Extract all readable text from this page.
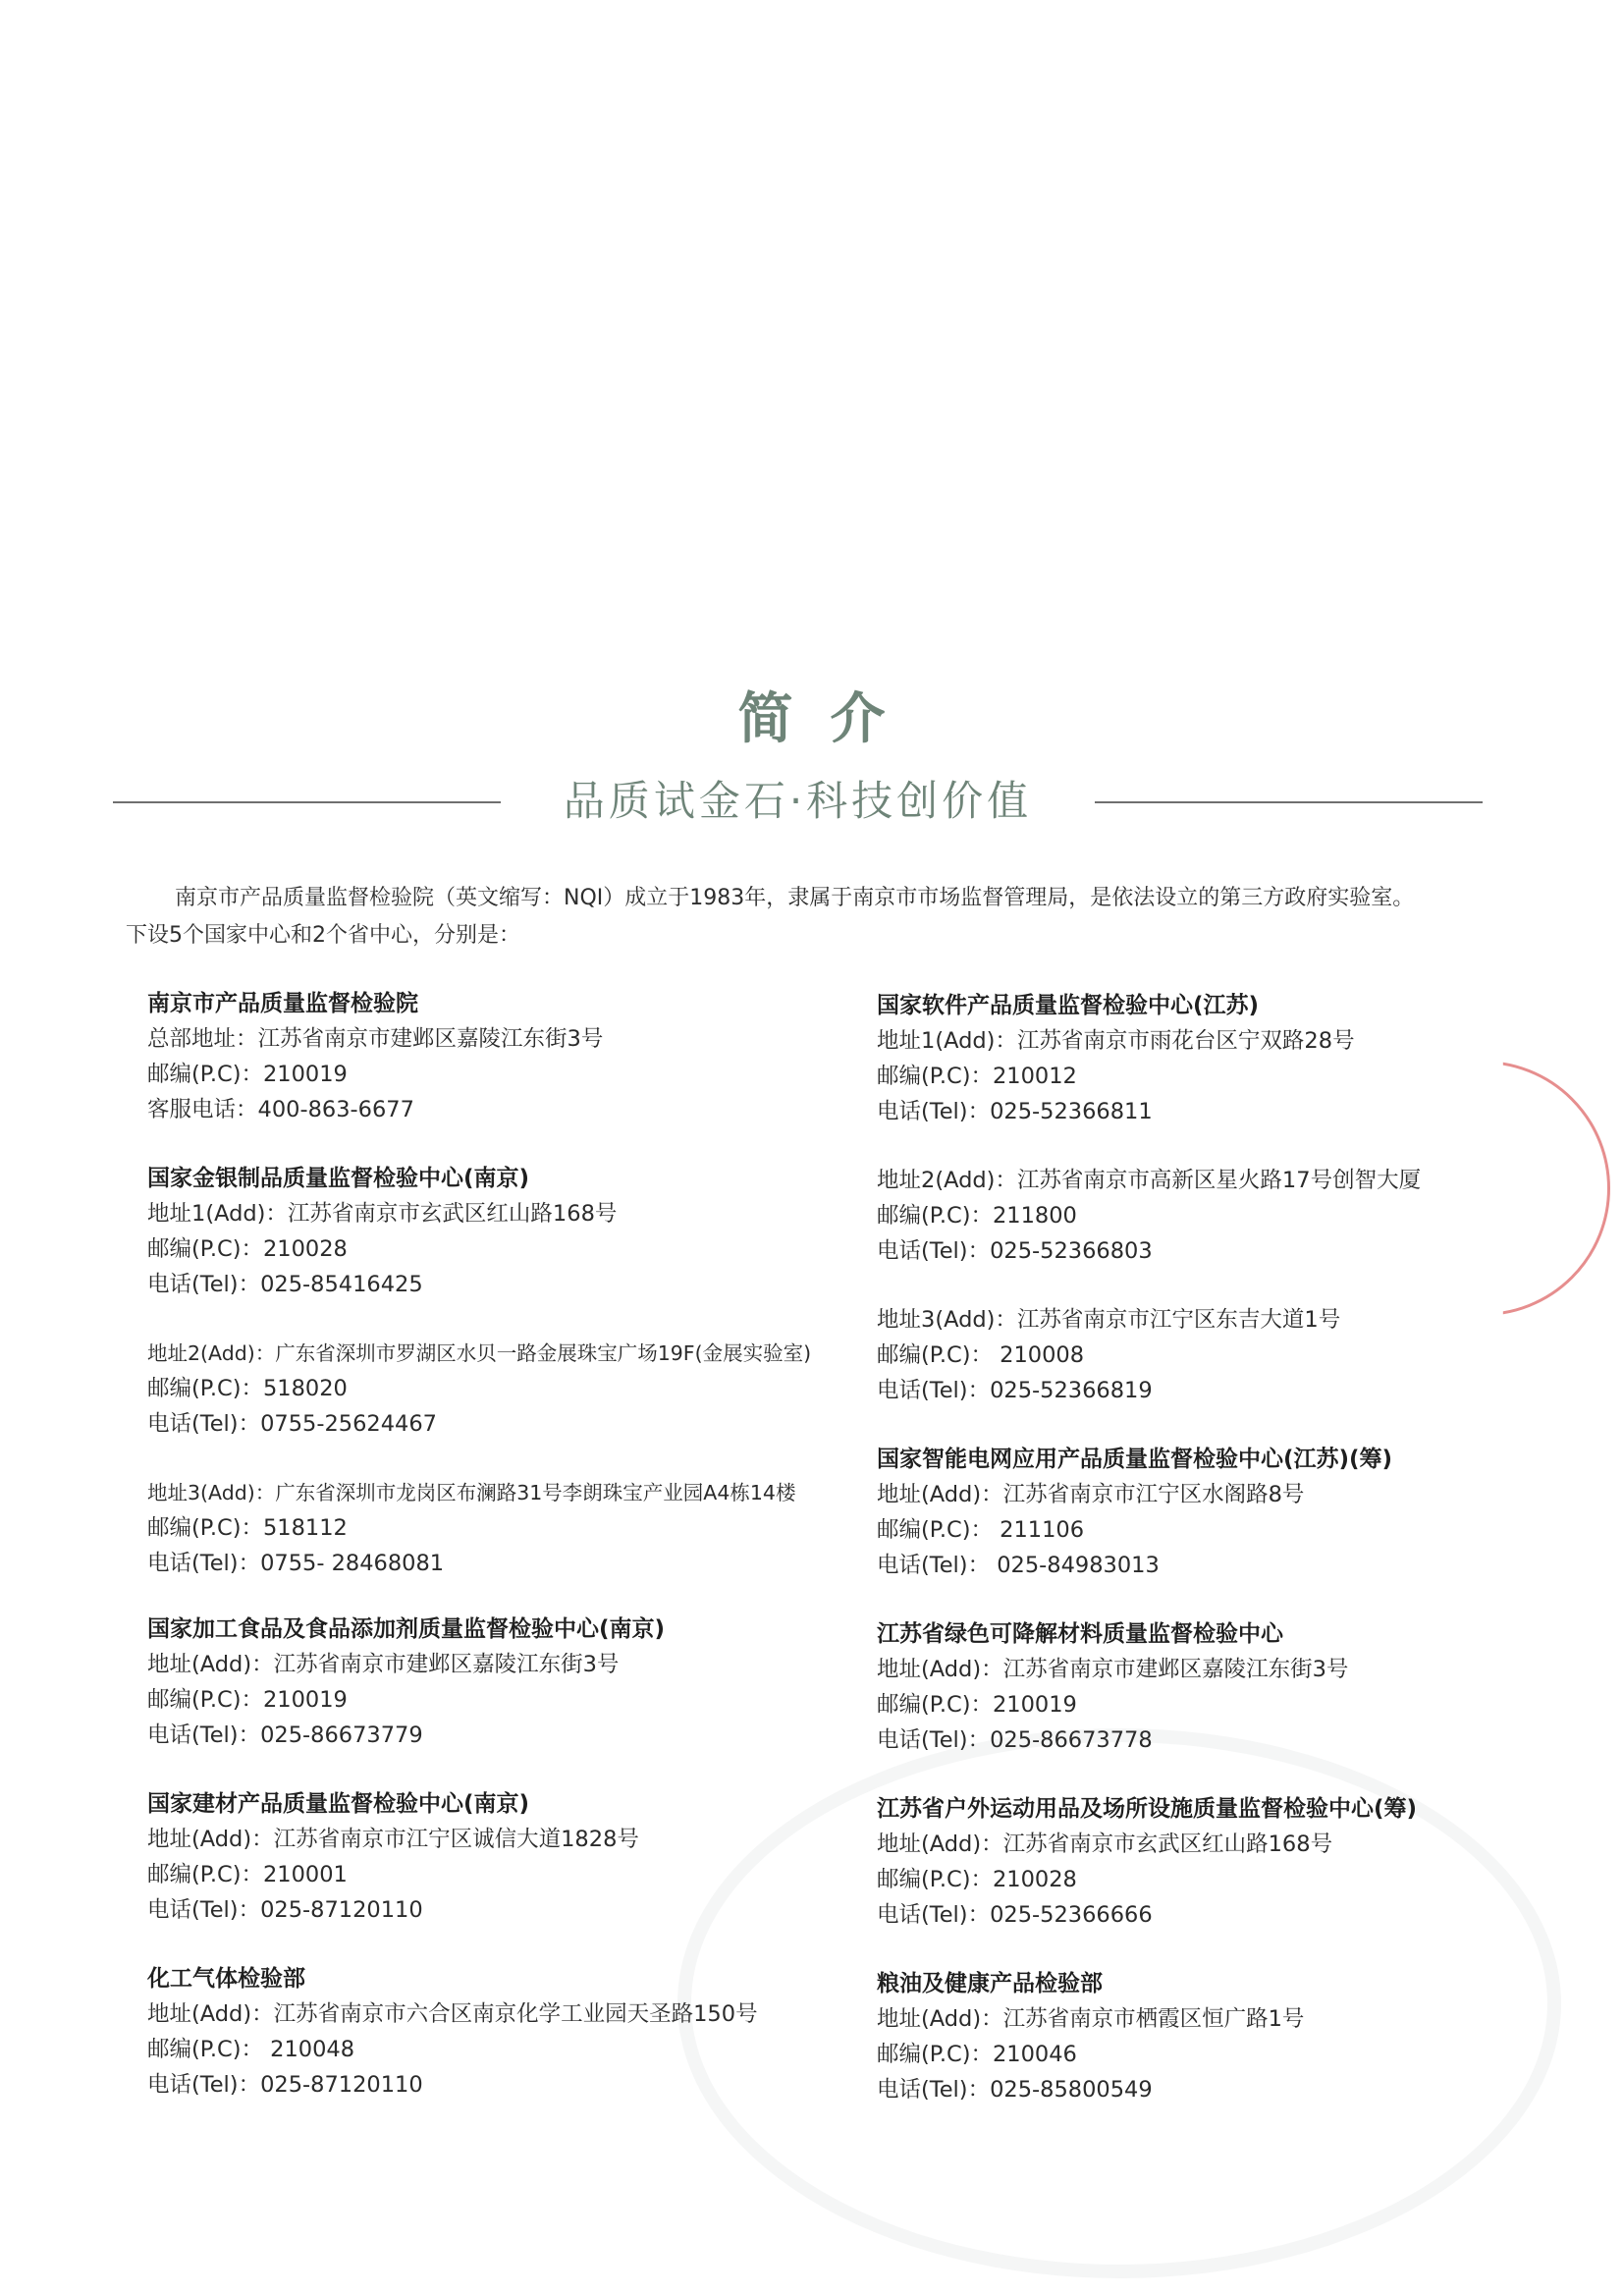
简介
品质试金石·科技创价值

南京市产品质量监督检验院（英文缩写：NQI）成立于1983年，隶属于南京市市场监督管理局，是依法设立的第三方政府实验室。

下设5个国家中心和2个省中心，分别是：

南京市产品质量监督检验院

总部地址：江苏省南京市建邺区嘉陵江东街3号

邮编(P.C)：210019

客服电话：400-863-6677

国家金银制品质量监督检验中心(南京)

地址1(Add)：江苏省南京市玄武区红山路168号

邮编(P.C)：210028

电话(Tel)：025-85416425

地址2(Add)：广东省深圳市罗湖区水贝一路金展珠宝广场19F(金展实验室)

邮编(P.C)：518020

电话(Tel)：0755-25624467

地址3(Add)：广东省深圳市龙岗区布澜路31号李朗珠宝产业园A4栋14楼

邮编(P.C)：518112

电话(Tel)：0755- 28468081

国家加工食品及食品添加剂质量监督检验中心(南京)

地址(Add)：江苏省南京市建邺区嘉陵江东街3号

邮编(P.C)：210019

电话(Tel)：025-86673779

国家建材产品质量监督检验中心(南京)

地址(Add)：江苏省南京市江宁区诚信大道1828号

邮编(P.C)：210001

电话(Tel)：025-87120110

化工气体检验部

地址(Add)：江苏省南京市六合区南京化学工业园天圣路150号

邮编(P.C)： 210048

电话(Tel)：025-87120110

国家软件产品质量监督检验中心(江苏)

地址1(Add)：江苏省南京市雨花台区宁双路28号

邮编(P.C)：210012

电话(Tel)：025-52366811

地址2(Add)：江苏省南京市高新区星火路17号创智大厦

邮编(P.C)：211800

电话(Tel)：025-52366803

地址3(Add)：江苏省南京市江宁区东吉大道1号

邮编(P.C)： 210008

电话(Tel)：025-52366819

国家智能电网应用产品质量监督检验中心(江苏)(筹)

地址(Add)：江苏省南京市江宁区水阁路8号

邮编(P.C)： 211106

电话(Tel)： 025-84983013

江苏省绿色可降解材料质量监督检验中心

地址(Add)：江苏省南京市建邺区嘉陵江东街3号

邮编(P.C)：210019

电话(Tel)：025-86673778

江苏省户外运动用品及场所设施质量监督检验中心(筹)

地址(Add)：江苏省南京市玄武区红山路168号

邮编(P.C)：210028

电话(Tel)：025-52366666

粮油及健康产品检验部

地址(Add)：江苏省南京市栖霞区恒广路1号

邮编(P.C)：210046

电话(Tel)：025-85800549
